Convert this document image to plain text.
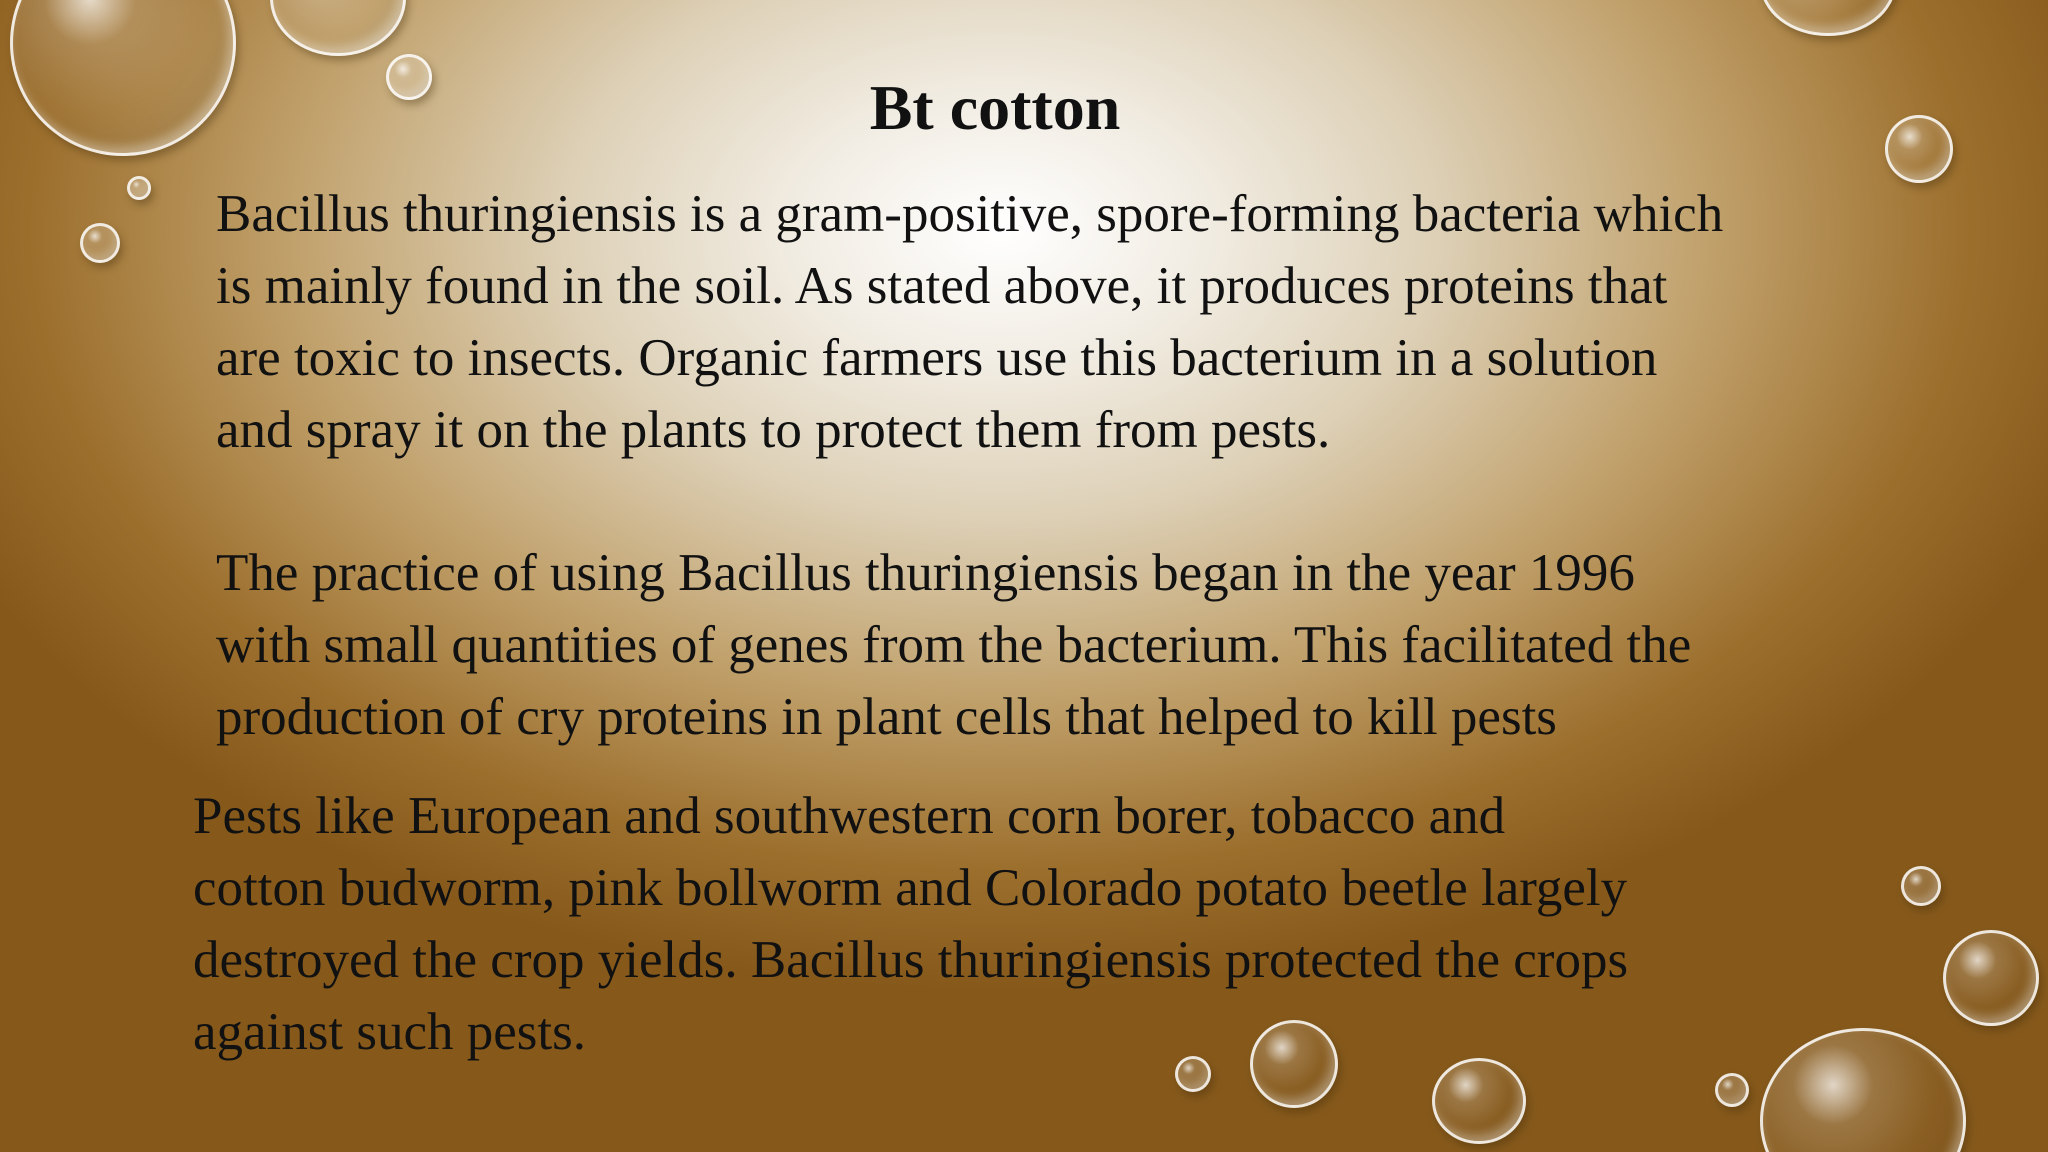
Bt cotton
Bacillus thuringiensis is a gram-positive, spore-forming bacteria which
is mainly found in the soil. As stated above, it produces proteins that
are toxic to insects. Organic farmers use this bacterium in a solution
and spray it on the plants to protect them from pests.
The practice of using Bacillus thuringiensis began in the year 1996
with small quantities of genes from the bacterium. This facilitated the
production of cry proteins in plant cells that helped to kill pests
Pests like European and southwestern corn borer, tobacco and
cotton budworm, pink bollworm and Colorado potato beetle largely
destroyed the crop yields. Bacillus thuringiensis protected the crops
against such pests.
